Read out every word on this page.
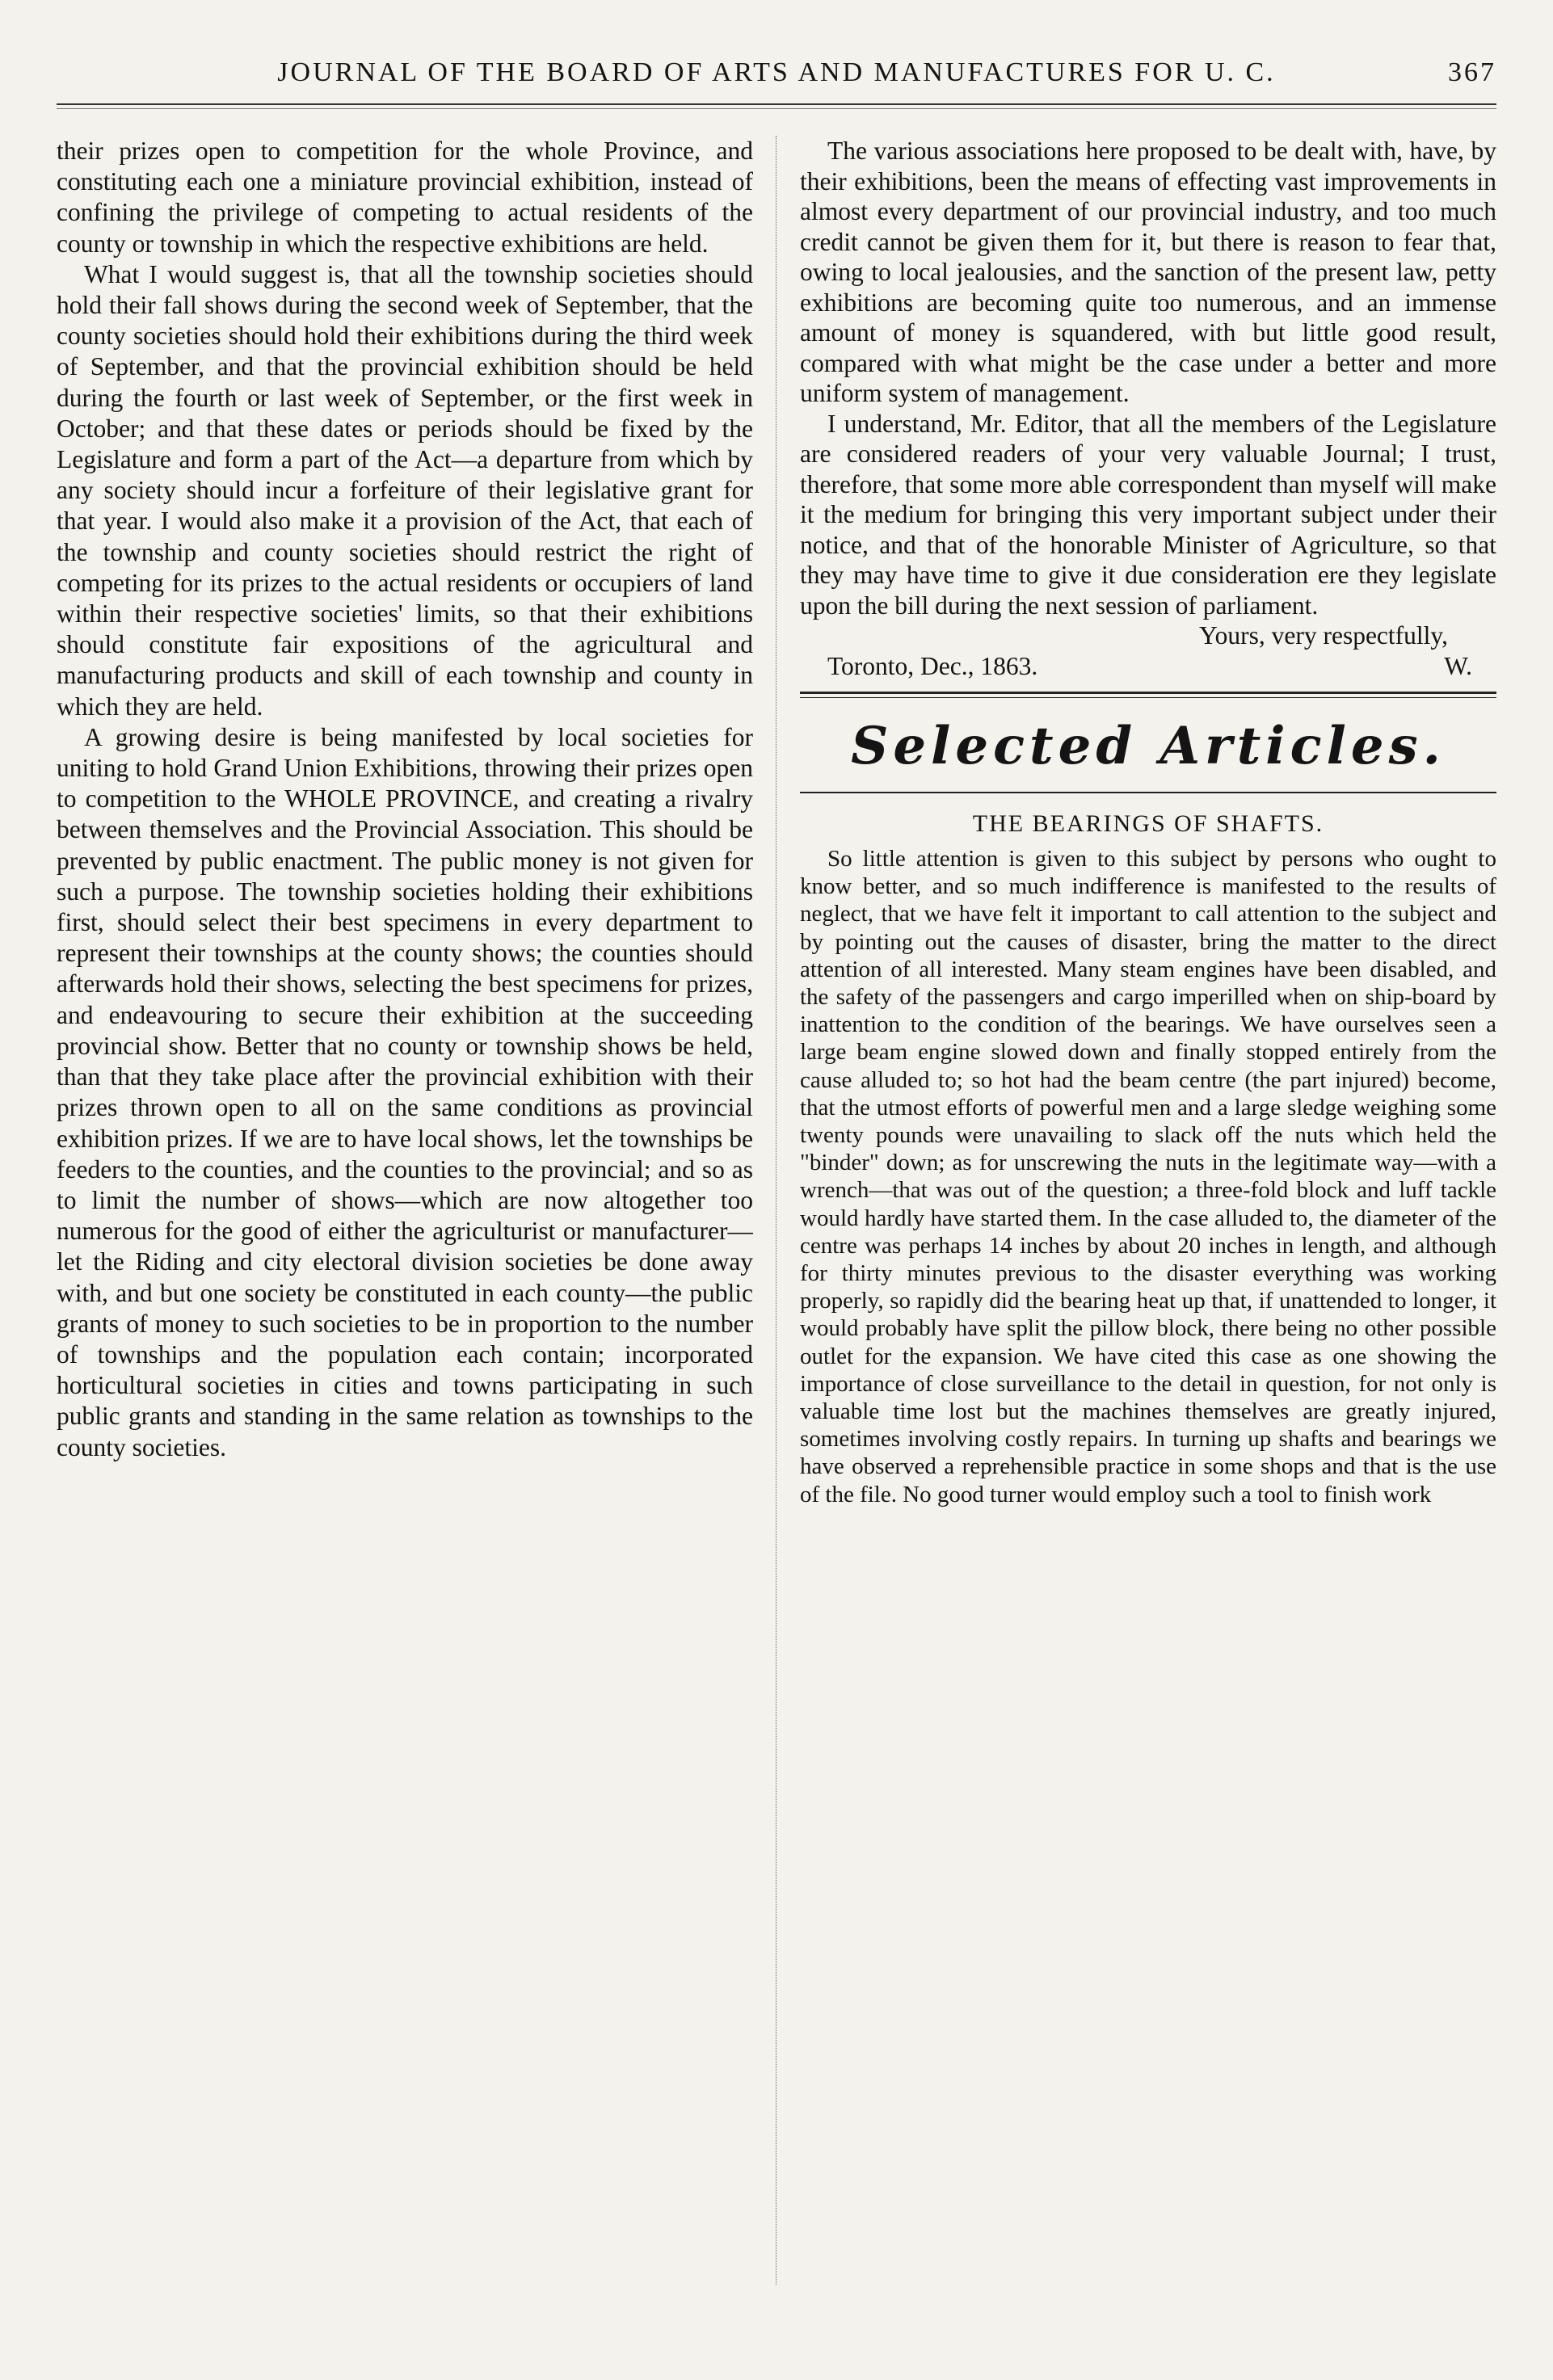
JOURNAL OF THE BOARD OF ARTS AND MANUFACTURES FOR U. C.	367

their prizes open to competition for the whole Province, and constituting each one a miniature provincial exhibition, instead of confining the privilege of competing to actual residents of the county or township in which the respective exhibitions are held.

What I would suggest is, that all the township societies should hold their fall shows during the second week of September, that the county societies should hold their exhibitions during the third week of September, and that the provincial exhibition should be held during the fourth or last week of September, or the first week in October; and that these dates or periods should be fixed by the Legislature and form a part of the Act—a departure from which by any society should incur a forfeiture of their legislative grant for that year. I would also make it a provision of the Act, that each of the township and county societies should restrict the right of competing for its prizes to the actual residents or occupiers of land within their respective societies' limits, so that their exhibitions should constitute fair expositions of the agricultural and manufacturing products and skill of each township and county in which they are held.

A growing desire is being manifested by local societies for uniting to hold Grand Union Exhibitions, throwing their prizes open to competition to the WHOLE PROVINCE, and creating a rivalry between themselves and the Provincial Association. This should be prevented by public enactment. The public money is not given for such a purpose. The township societies holding their exhibitions first, should select their best specimens in every department to represent their townships at the county shows; the counties should afterwards hold their shows, selecting the best specimens for prizes, and endeavouring to secure their exhibition at the succeeding provincial show. Better that no county or township shows be held, than that they take place after the provincial exhibition with their prizes thrown open to all on the same conditions as provincial exhibition prizes. If we are to have local shows, let the townships be feeders to the counties, and the counties to the provincial; and so as to limit the number of shows—which are now altogether too numerous for the good of either the agriculturist or manufacturer—let the Riding and city electoral division societies be done away with, and but one society be constituted in each county—the public grants of money to such societies to be in proportion to the number of townships and the population each contain; incorporated horticultural societies in cities and towns participating in such public grants and standing in the same relation as townships to the county societies.

The various associations here proposed to be dealt with, have, by their exhibitions, been the means of effecting vast improvements in almost every department of our provincial industry, and too much credit cannot be given them for it, but there is reason to fear that, owing to local jealousies, and the sanction of the present law, petty exhibitions are becoming quite too numerous, and an immense amount of money is squandered, with but little good result, compared with what might be the case under a better and more uniform system of management.

I understand, Mr. Editor, that all the members of the Legislature are considered readers of your very valuable Journal; I trust, therefore, that some more able correspondent than myself will make it the medium for bringing this very important subject under their notice, and that of the honorable Minister of Agriculture, so that they may have time to give it due consideration ere they legislate upon the bill during the next session of parliament.

Yours, very respectfully,
Toronto, Dec., 1863.	W.
Selected Articles.
THE BEARINGS OF SHAFTS.

So little attention is given to this subject by persons who ought to know better, and so much indifference is manifested to the results of neglect, that we have felt it important to call attention to the subject and by pointing out the causes of disaster, bring the matter to the direct attention of all interested. Many steam engines have been disabled, and the safety of the passengers and cargo imperilled when on ship-board by inattention to the condition of the bearings. We have ourselves seen a large beam engine slowed down and finally stopped entirely from the cause alluded to; so hot had the beam centre (the part injured) become, that the utmost efforts of powerful men and a large sledge weighing some twenty pounds were unavailing to slack off the nuts which held the "binder" down; as for unscrewing the nuts in the legitimate way—with a wrench—that was out of the question; a three-fold block and luff tackle would hardly have started them. In the case alluded to, the diameter of the centre was perhaps 14 inches by about 20 inches in length, and although for thirty minutes previous to the disaster everything was working properly, so rapidly did the bearing heat up that, if unattended to longer, it would probably have split the pillow block, there being no other possible outlet for the expansion. We have cited this case as one showing the importance of close surveillance to the detail in question, for not only is valuable time lost but the machines themselves are greatly injured, sometimes involving costly repairs. In turning up shafts and bearings we have observed a reprehensible practice in some shops and that is the use of the file. No good turner would employ such a tool to finish work
